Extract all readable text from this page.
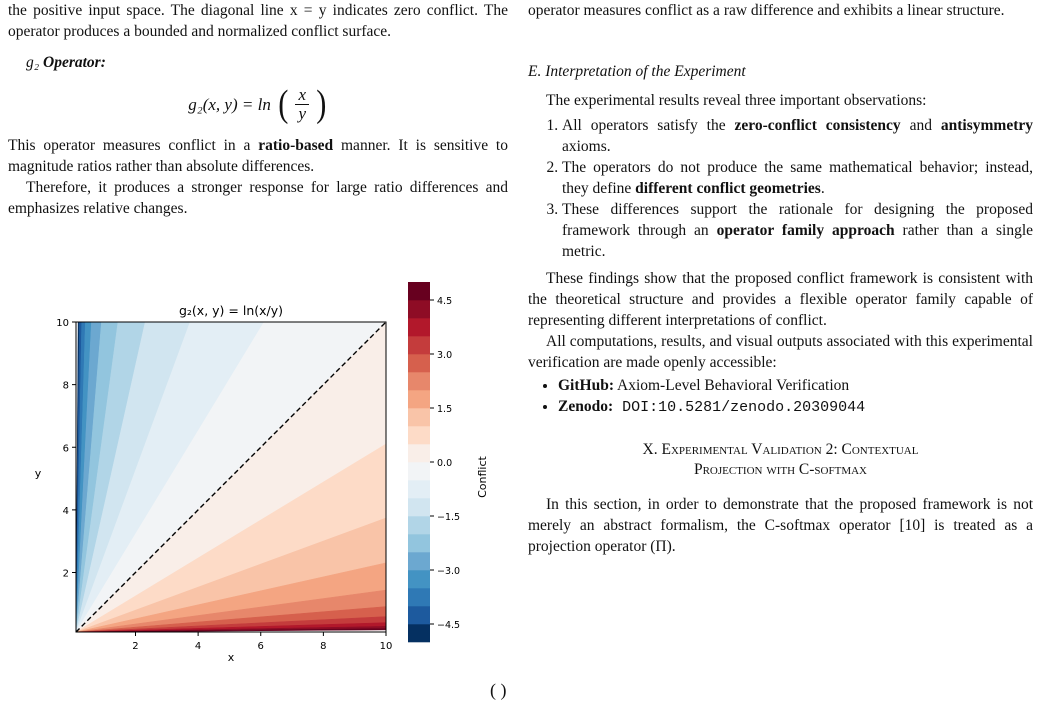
the positive input space. The diagonal line x = y indicates zero conflict. The operator produces a bounded and normalized conflict surface.

g₂ Operator:

g₂(x, y) = ln ( $\frac{x}{y}$ )

This operator measures conflict in a ratio-based manner. It is sensitive to magnitude ratios rather than absolute differences.

Therefore, it produces a stronger response for large ratio differences and emphasizes relative changes.

g₂(x, y) = ln(x/y)
x
y
2	4	6	8	10
2
4
6
8
10
4.5
3.0
1.5
0.0
−1.5
−3.0
−4.5
Conflict
( )

operator measures conflict as a raw difference and exhibits a linear structure.

E. Interpretation of the Experiment

The experimental results reveal three important observations:

1. All operators satisfy the zero-conflict consistency and antisymmetry axioms.
2. The operators do not produce the same mathematical behavior; instead, they define different conflict geometries.
3. These differences support the rationale for designing the proposed framework through an operator family approach rather than a single metric.

These findings show that the proposed conflict framework is consistent with the theoretical structure and provides a flexible operator family capable of representing different interpretations of conflict.

All computations, results, and visual outputs associated with this experimental verification are made openly accessible:

• GitHub: Axiom-Level Behavioral Verification
• Zenodo: DOI:10.5281/zenodo.20309044
X. Experimental Validation 2: Contextual
Projection with C-softmax

In this section, in order to demonstrate that the proposed framework is not merely an abstract formalism, the C-softmax operator [10] is treated as a projection operator (Π).
